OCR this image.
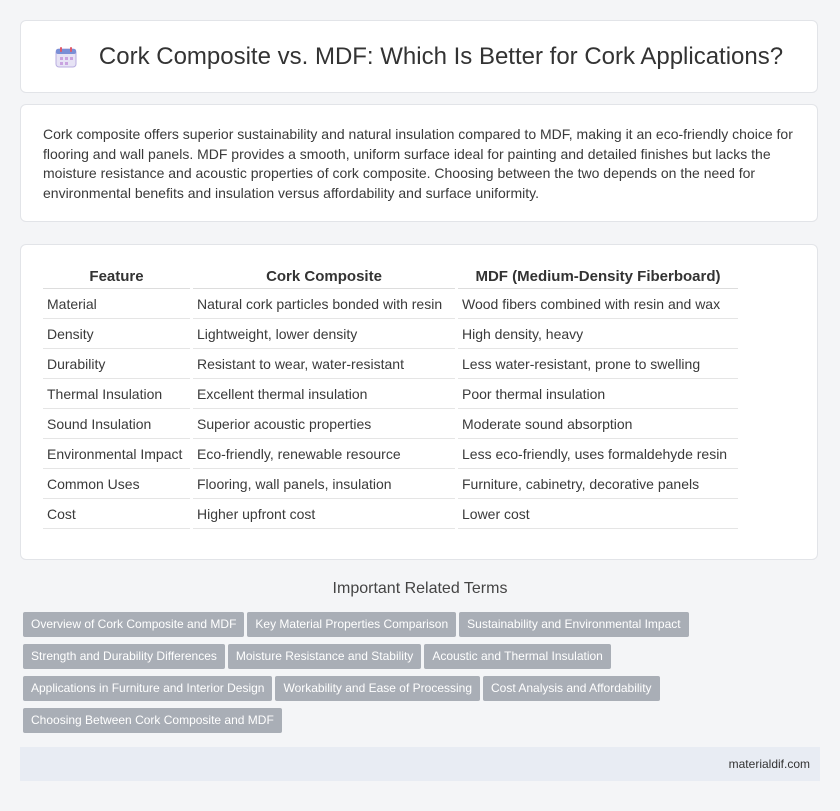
Cork Composite vs. MDF: Which Is Better for Cork Applications?

Cork composite offers superior sustainability and natural insulation compared to MDF, making it an eco-friendly choice for flooring and wall panels. MDF provides a smooth, uniform surface ideal for painting and detailed finishes but lacks the moisture resistance and acoustic properties of cork composite. Choosing between the two depends on the need for environmental benefits and insulation versus affordability and surface uniformity.

Feature	Cork Composite	MDF (Medium-Density Fiberboard)
Material	Natural cork particles bonded with resin	Wood fibers combined with resin and wax
Density	Lightweight, lower density	High density, heavy
Durability	Resistant to wear, water-resistant	Less water-resistant, prone to swelling
Thermal Insulation	Excellent thermal insulation	Poor thermal insulation
Sound Insulation	Superior acoustic properties	Moderate sound absorption
Environmental Impact	Eco-friendly, renewable resource	Less eco-friendly, uses formaldehyde resin
Common Uses	Flooring, wall panels, insulation	Furniture, cabinetry, decorative panels
Cost	Higher upfront cost	Lower cost
Important Related Terms
Overview of Cork Composite and MDF Key Material Properties Comparison Sustainability and Environmental ImpactStrength and Durability Differences Moisture Resistance and Stability Acoustic and Thermal InsulationApplications in Furniture and Interior Design Workability and Ease of Processing Cost Analysis and AffordabilityChoosing Between Cork Composite and MDF
materialdif.com
